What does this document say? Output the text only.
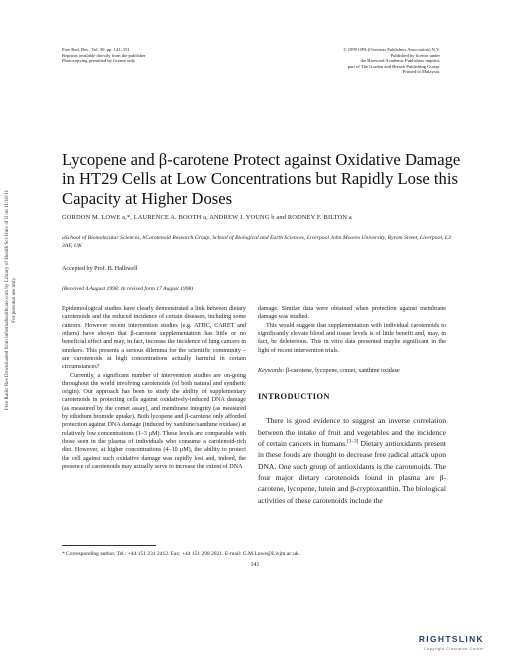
Free Rad. Res., Vol. 30, pp. 141–151
Reprints available directly from the publisher
Photocopying permitted by license only
© 1999 OPA (Overseas Publishers Association) N.V.
Published by license under
the Harwood Academic Publishers imprint,
part of The Gordon and Breach Publishing Group.
Printed in Malaysia.
Lycopene and β-carotene Protect against Oxidative Damage in HT29 Cells at Low Concentrations but Rapidly Lose this Capacity at Higher Doses
GORDON M. LOWE a,*, LAURENCE A. BOOTH a, ANDREW J. YOUNG b and RODNEY F. BILTON a
aSchool of Biomolecular Sciences, bCarotenoid Research Group, School of Biological and Earth Sciences, Liverpool John Moores University, Byrom Street, Liverpool, L3 3AF, UK
Accepted by Prof. B. Halliwell
(Received 4 August 1998; In revised form 17 August 1998)

Epidemiological studies have clearly demonstrated a link between dietary carotenoids and the reduced incidence of certain diseases, including some cancers. However recent intervention studies (e.g. ATBC, CARET and others) have shown that β-carotene supplementation has little or no beneficial effect and may, in fact, increase the incidence of lung cancers in smokers. This presents a serious dilemma for the scientific community – are carotenoids at high concentrations actually harmful in certain circumstances?

Currently, a significant number of intervention studies are on-going throughout the world involving carotenoids (of both natural and synthetic origin). Our approach has been to study the ability of supplementary carotenoids in protecting cells against oxidatively-induced DNA damage (as measured by the comet assay), and membrane integrity (as measured by ethidium bromide uptake). Both lycopene and β-carotene only afforded protection against DNA damage (induced by xanthine/xanthine oxidase) at relatively low concentrations (1–3 μM). These levels are comparable with those seen in the plasma of individuals who consume a carotenoid-rich diet. However, at higher concentrations (4–10 μM), the ability to protect the cell against such oxidative damage was rapidly lost and, indeed, the presence of carotenoids may actually serve to increase the extent of DNA

damage. Similar data were obtained when protection against membrane damage was studied.

This would suggest that supplementation with individual carotenoids to significantly elevate blood and tissue levels is of little benefit and, may, in fact, be deleterious. This in vitro data presented maybe significant in the light of recent intervention trials.

Keywords: β-carotene, lycopene, comet, xanthine oxidase

INTRODUCTION

There is good evidence to suggest an inverse correlation between the intake of fruit and vegetables and the incidence of certain cancers in humans.[1–3] Dietary antioxidants present in these foods are thought to decrease free radical attack upon DNA. One such group of antioxidants is the carotenoids. The four major dietary carotenoids found in plasma are β-carotene, lycopene, lutein and β-cryptoxanthin. The biological activities of these carotenoids include the

* Corresponding author. Tel.: +44 151 231 2412. Fax: +44 151 298 2821. E-mail: G.M.Lowe@Livjm.ac.uk.
141
Free Radic Res Downloaded from informahealthcare.com by Library of Health Sci-Univ of Il on 11/10/11 For personal use only.
RIGHTSLINK
Copyright Clearance Center
